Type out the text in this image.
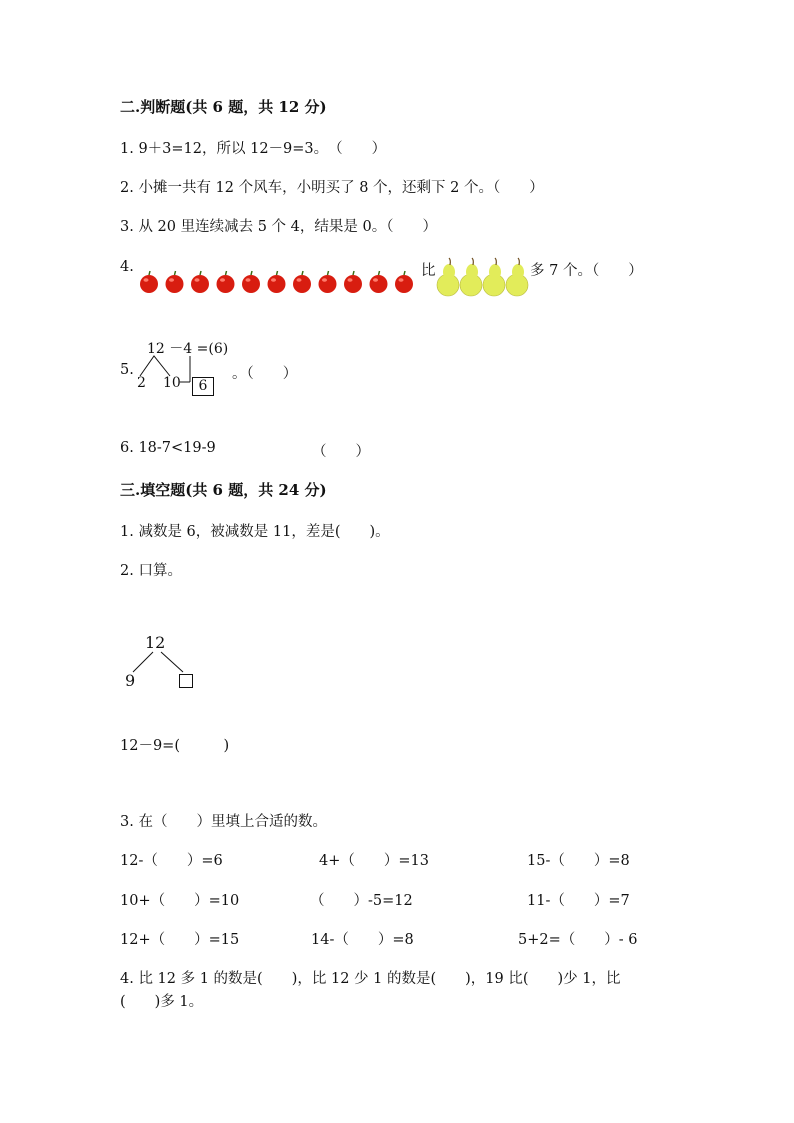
二.判断题(共 6 题，共 12 分)
1. 9＋3=12，所以 12－9=3。　（　　）
2. 小摊一共有 12 个风车，小明买了 8 个，还剩下 2 个。（　　）
3. 从 20 里连续减去 5 个 4，结果是 0。（　　）
4.	比	多 7 个。（　　）
5.
12 －4 =(6)
2 10	6
。（　　）
6. 18-7<19-9	（　　）
三.填空题(共 6 题，共 24 分)
1. 减数是 6，被减数是 11，差是(　　)。
2. 口算。
12
9
12－9=(　　　)
3. 在（　　）里填上合适的数。
12-（　　）=6	4+（　　）=13	15-（　　）=8
10+（　　）=10	（　　）-5=12	11-（　　）=7
12+（　　）=15	14-（　　）=8	5+2=（　　）- 6
4. 比 12 多 1 的数是(　　)，比 12 少 1 的数是(　　)，19 比(　　)少 1，比
(　　)多 1。
